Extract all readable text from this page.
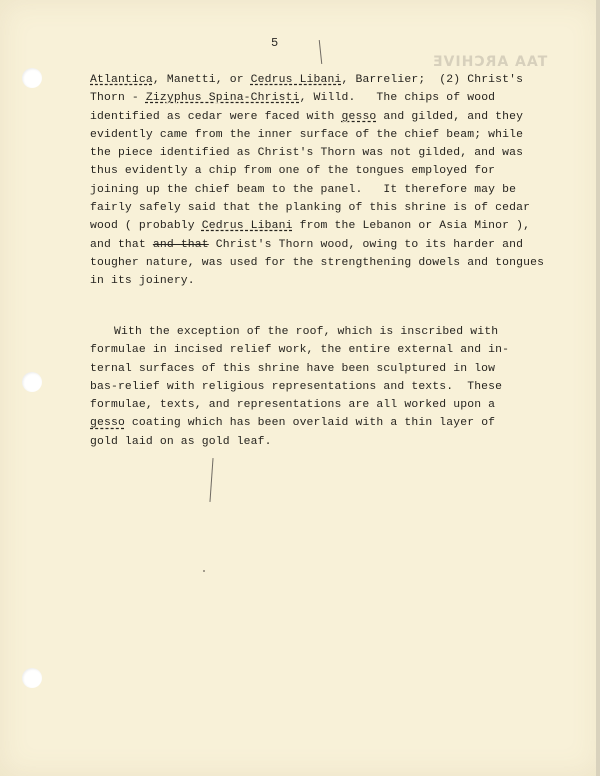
5
TAA ARCHIVE
Atlantica, Manetti, or Cedrus Libani, Barrelier;  (2) Christ's
Thorn - Zizyphus Spina-Christi, Willd.   The chips of wood
identified as cedar were faced with gesso and gilded, and they
evidently came from the inner surface of the chief beam; while
the piece identified as Christ's Thorn was not gilded, and was
thus evidently a chip from one of the tongues employed for
joining up the chief beam to the panel.   It therefore may be
fairly safely said that the planking of this shrine is of cedar
wood ( probably Cedrus Libani from the Lebanon or Asia Minor ),
and that and that Christ's Thorn wood, owing to its harder and
tougher nature, was used for the strengthening dowels and tongues
in its joinery.
With the exception of the roof, which is inscribed with
formulae in incised relief work, the entire external and in-
ternal surfaces of this shrine have been sculptured in low
bas-relief with religious representations and texts.  These
formulae, texts, and representations are all worked upon a
gesso coating which has been overlaid with a thin layer of
gold laid on as gold leaf.
